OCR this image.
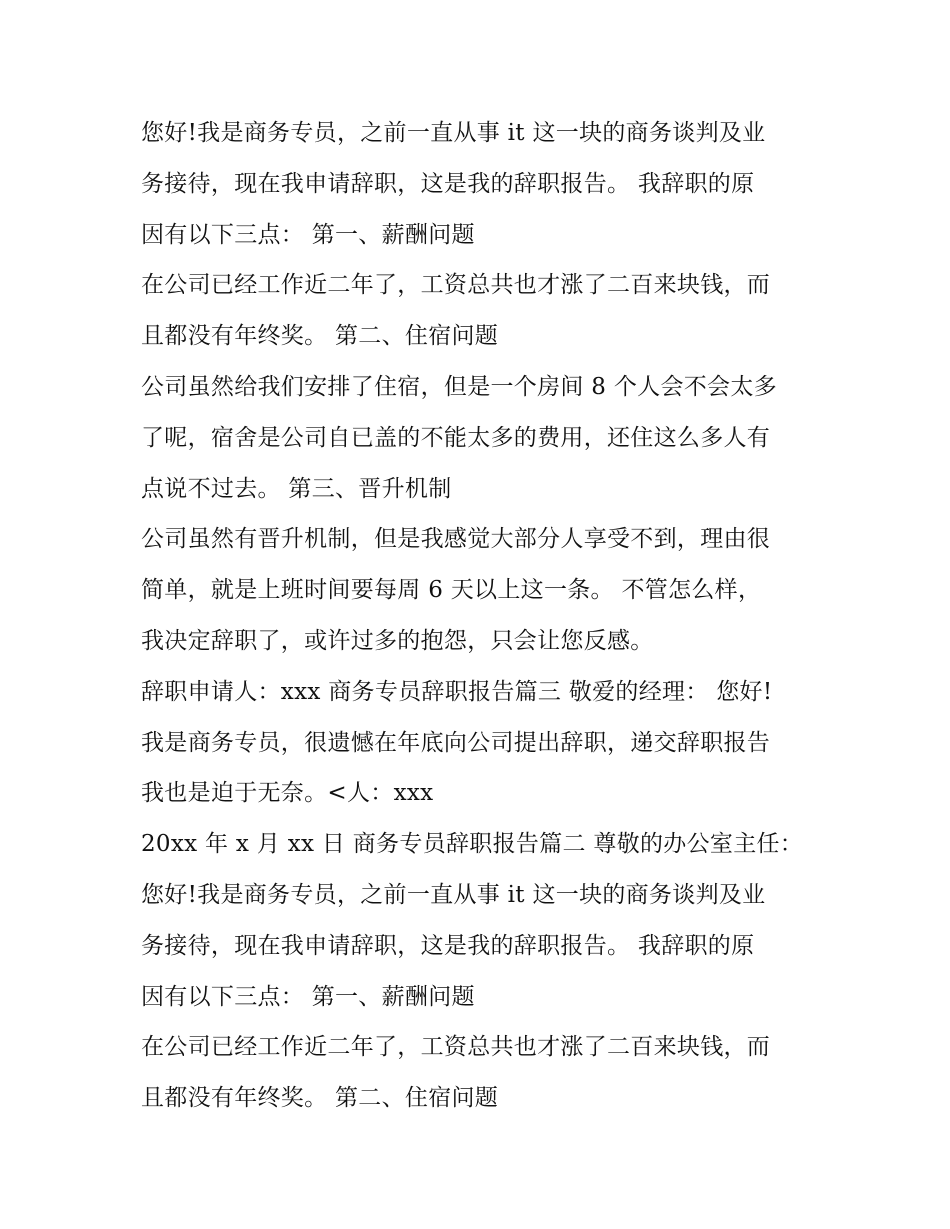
您好!我是商务专员，之前一直从事 it 这一块的商务谈判及业
务接待，现在我申请辞职，这是我的辞职报告。 我辞职的原
因有以下三点： 第一、薪酬问题
在公司已经工作近二年了，工资总共也才涨了二百来块钱，而
且都没有年终奖。 第二、住宿问题
公司虽然给我们安排了住宿，但是一个房间 8 个人会不会太多
了呢，宿舍是公司自已盖的不能太多的费用，还住这么多人有
点说不过去。 第三、晋升机制
公司虽然有晋升机制，但是我感觉大部分人享受不到，理由很
简单，就是上班时间要每周 6 天以上这一条。 不管怎么样，
我决定辞职了，或许过多的抱怨，只会让您反感。
辞职申请人：xxx 商务专员辞职报告篇三 敬爱的经理： 您好!
我是商务专员，很遗憾在年底向公司提出辞职，递交辞职报告
我也是迫于无奈。<人：xxx
20xx 年 x 月 xx 日 商务专员辞职报告篇二 尊敬的办公室主任：
您好!我是商务专员，之前一直从事 it 这一块的商务谈判及业
务接待，现在我申请辞职，这是我的辞职报告。 我辞职的原
因有以下三点： 第一、薪酬问题
在公司已经工作近二年了，工资总共也才涨了二百来块钱，而
且都没有年终奖。 第二、住宿问题
